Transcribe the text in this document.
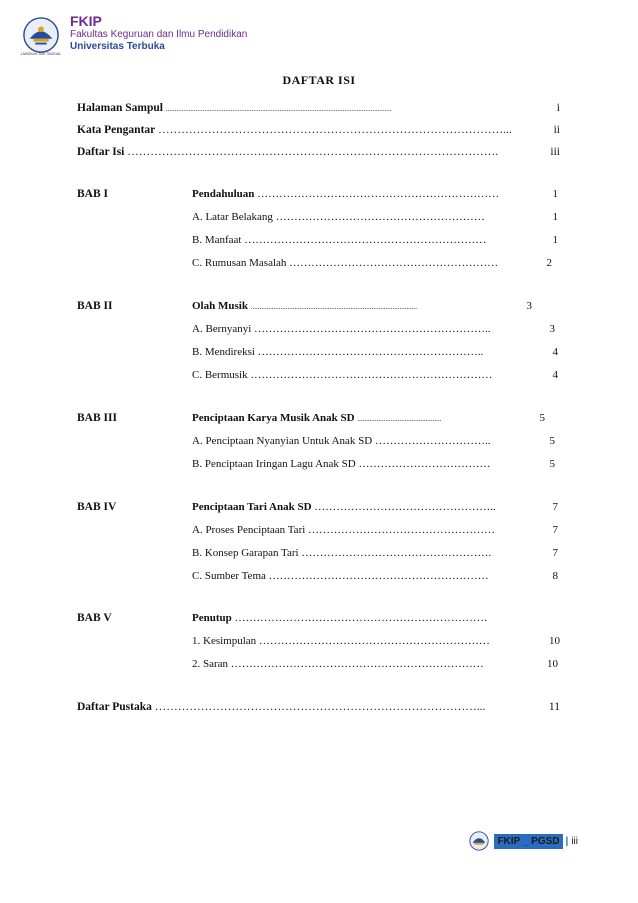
LANGKAH TAN TINGGAL
FKIP
Fakultas Keguruan dan Ilmu Pendidikan
Universitas Terbuka
DAFTAR ISI
Halaman Sampul .................................................................................................................................	i
Kata Pengantar ………………………………………………………………………………...	ii
Daftar Isi …………………………………………………………………………………….	iii
BAB I	Pendahuluan …………………………………………………………	1
A. Latar Belakang …………………………………………………	1
B. Manfaat …………………………………………………………	1
C. Rumusan Masalah …………………………………………………	2
BAB II	Olah Musik ...............................................................................................	3
A. Bernyanyi ………………………………………………………..	3
B. Mendireksi ……………………………………………………..	4
C. Bermusik …………………………………………………………	4
BAB III	Penciptaan Karya Musik Anak SD ................................................	5
A. Penciptaan Nyanyian Untuk Anak SD …………………………..	5
B. Penciptaan Iringan Lagu Anak SD ………………………………	5
BAB IV	Penciptaan Tari Anak SD …………………………………………..	7
A. Proses Penciptaan Tari ……………………………………………	7
B. Konsep Garapan Tari …………………………………………….	7
C. Sumber Tema ……………………………………………………	8
BAB V	Penutup ……………………………………………………………
1. Kesimpulan ………………………………………………………	10
2. Saran ……………………………………………………………	10
Daftar Pustaka …………………………………………………………………………...	11
FKIP _ PGSD | iii
